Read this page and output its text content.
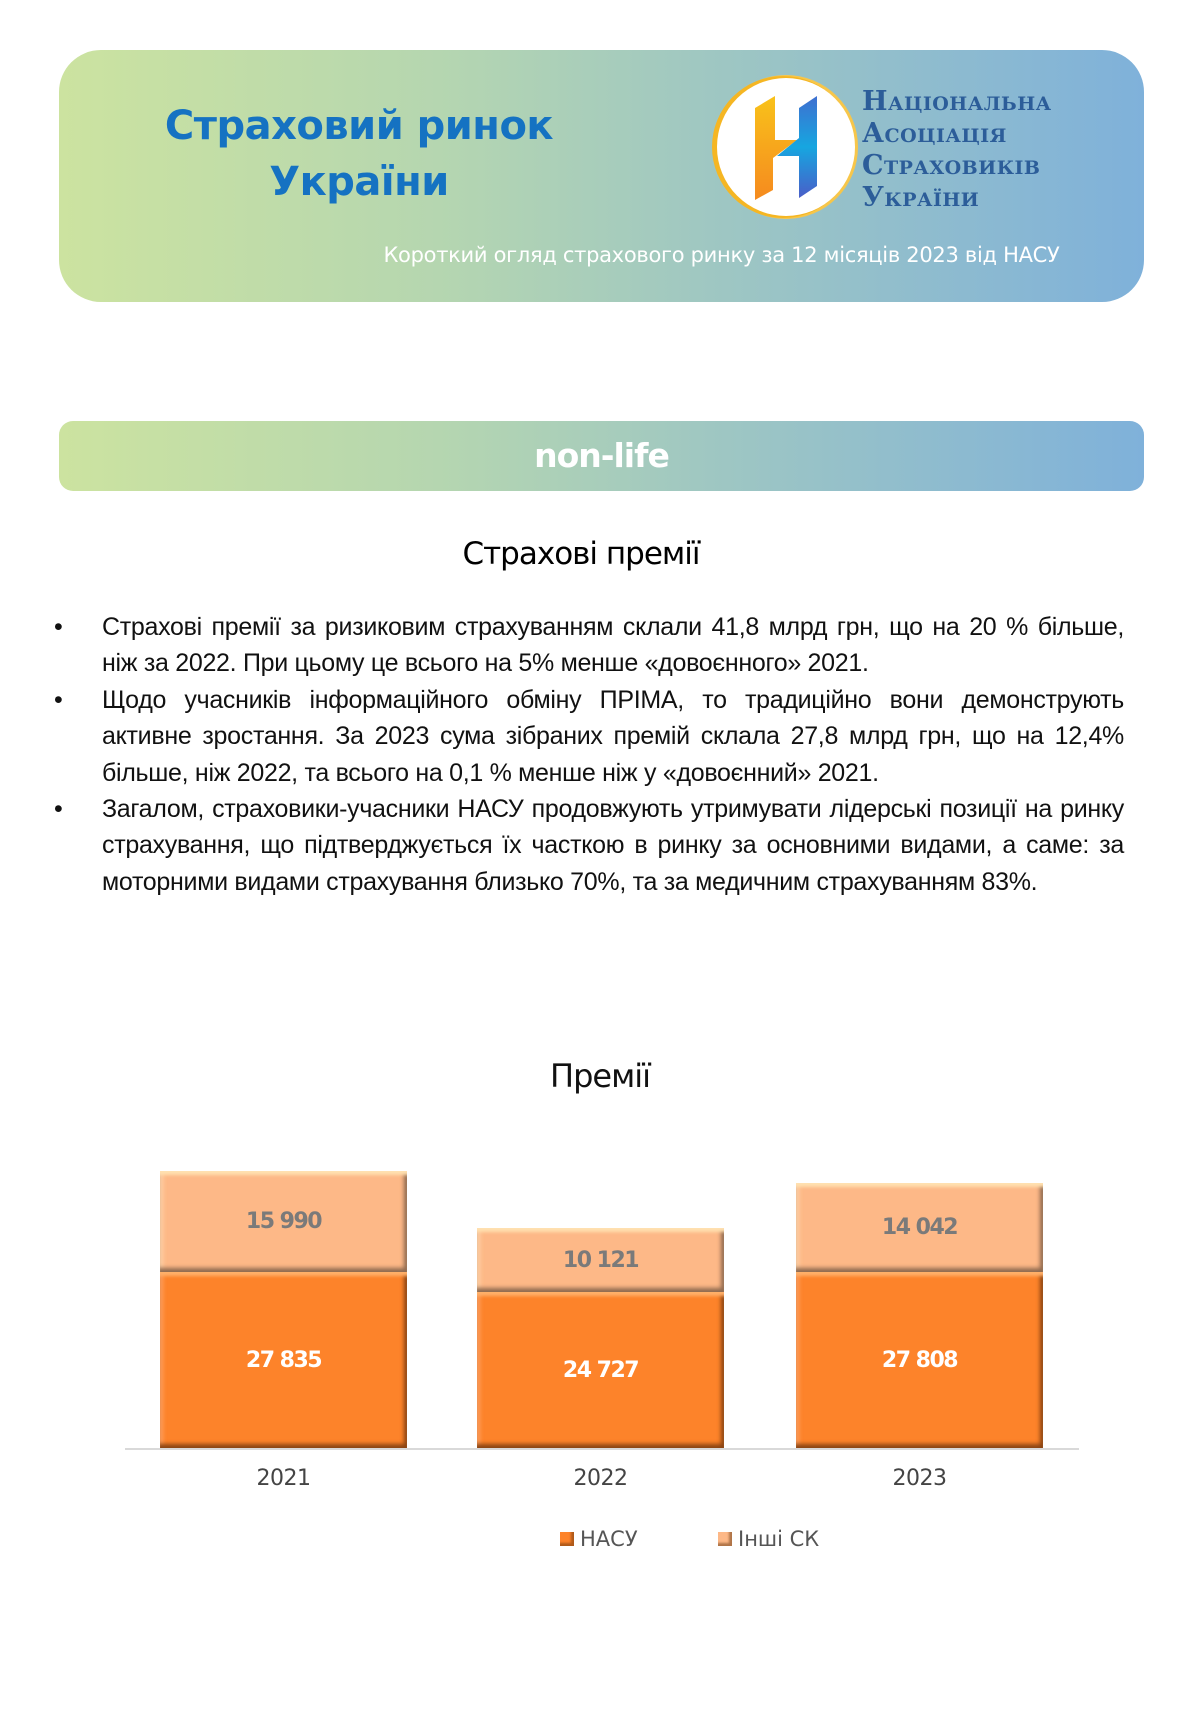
Страховий ринок
України
Національна
Асоціація
Страховиків
України
Короткий огляд страхового ринку за 12 місяців 2023 від НАСУ
non-life
Страхові премії
• Страхові премії за ризиковим страхуванням склали 41,8 млрд грн, що на 20 % більше, ніж за 2022. При цьому це всього на 5% менше «довоєнного» 2021.
• Щодо учасників інформаційного обміну ПРІМА, то традиційно вони демонструють активне зростання. За 2023 сума зібраних премій склала 27,8 млрд грн, що на 12,4% більше, ніж 2022, та всього на 0,1 % менше ніж у «довоєнний» 2021.
• Загалом, страховики-учасники НАСУ продовжують утримувати лідерські позиції на ринку страхування, що підтверджується їх часткою в ринку за основними видами, а саме: за моторними видами страхування близько 70%, та за медичним страхуванням 83%.
Премії
27 835
15 990
2021
24 727
10 121
2022
27 808
14 042
2023
НАСУ	Інші СК
